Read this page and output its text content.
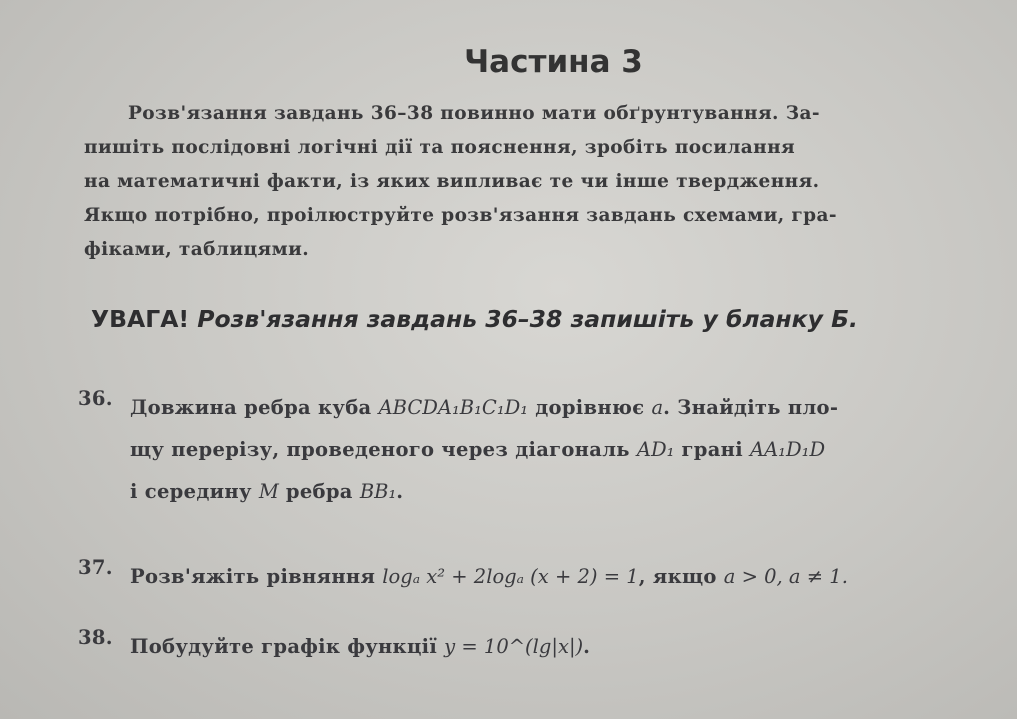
Частина 3
Розв'язання завдань 36–38 повинно мати обґрунтування. За-
пишіть послідовні логічні дії та пояснення, зробіть посилання
на математичні факти, із яких випливає те чи інше твердження.
Якщо потрібно, проілюструйте розв'язання завдань схемами, гра-
фіками, таблицями.
УВАГА! Розв'язання завдань 36–38 запишіть у бланку Б.
36. Довжина ребра куба ABCDA₁B₁C₁D₁ дорівнює a. Знайдіть пло-
щу перерізу, проведеного через діагональ AD₁ грані AA₁D₁D
і середину M ребра BB₁.
37. Розв'яжіть рівняння logₐ x² + 2logₐ (x + 2) = 1, якщо a > 0, a ≠ 1.
38. Побудуйте графік функції y = 10^(lg|x|).
